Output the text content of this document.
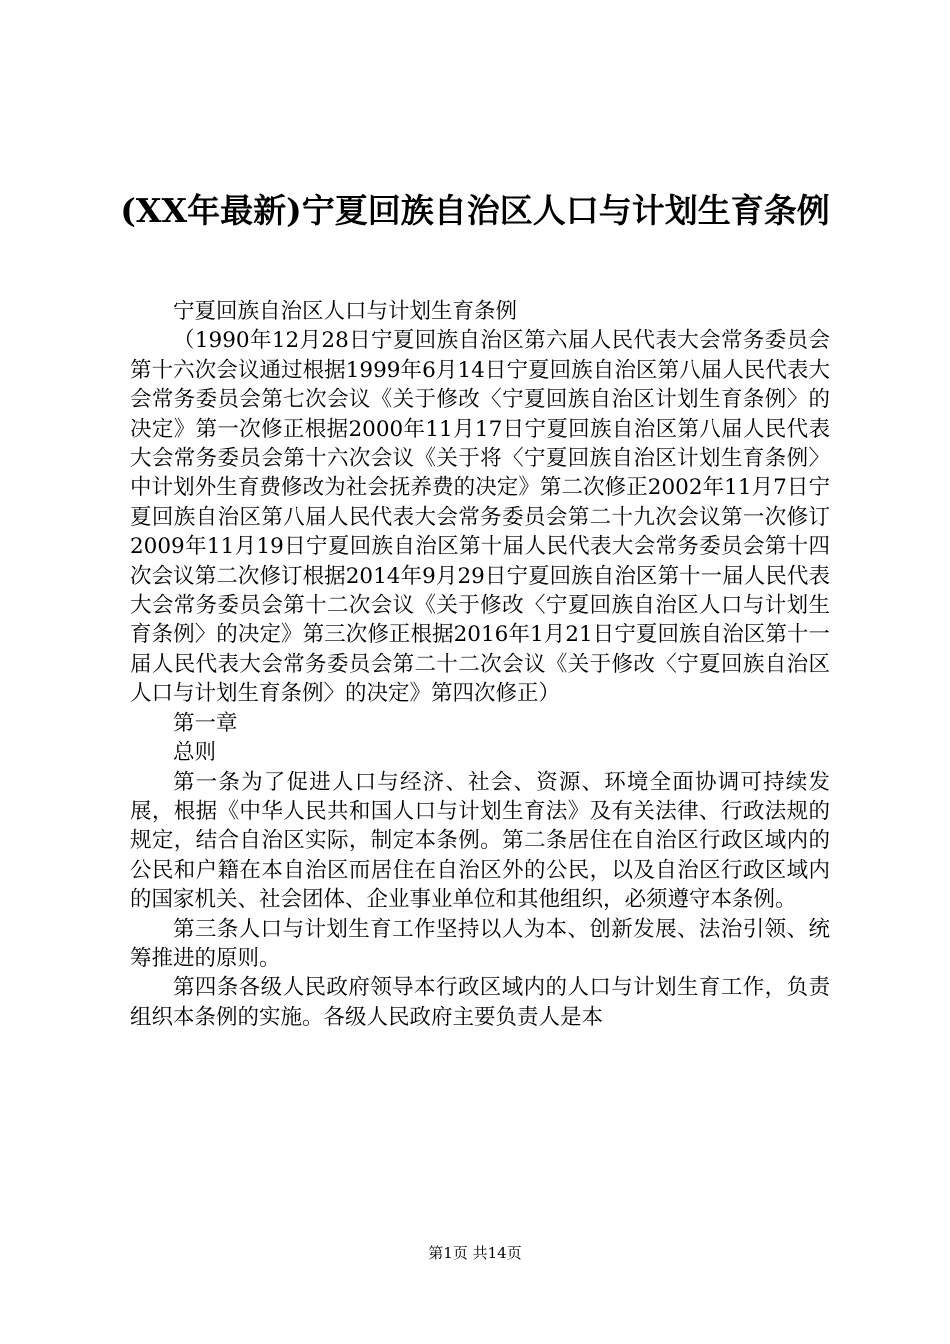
(XX年最新)宁夏回族自治区人口与计划生育条例

宁夏回族自治区人口与计划生育条例

（1990年12月28日宁夏回族自治区第六届人民代表大会常务委员会第十六次会议通过根据1999年6月14日宁夏回族自治区第八届人民代表大会常务委员会第七次会议《关于修改〈宁夏回族自治区计划生育条例〉的决定》第一次修正根据2000年11月17日宁夏回族自治区第八届人民代表大会常务委员会第十六次会议《关于将〈宁夏回族自治区计划生育条例〉中计划外生育费修改为社会抚养费的决定》第二次修正2002年11月7日宁夏回族自治区第八届人民代表大会常务委员会第二十九次会议第一次修订2009年11月19日宁夏回族自治区第十届人民代表大会常务委员会第十四次会议第二次修订根据2014年9月29日宁夏回族自治区第十一届人民代表大会常务委员会第十二次会议《关于修改〈宁夏回族自治区人口与计划生育条例〉的决定》第三次修正根据2016年1月21日宁夏回族自治区第十一届人民代表大会常务委员会第二十二次会议《关于修改〈宁夏回族自治区人口与计划生育条例〉的决定》第四次修正）

第一章

总则

第一条为了促进人口与经济、社会、资源、环境全面协调可持续发展，根据《中华人民共和国人口与计划生育法》及有关法律、行政法规的规定，结合自治区实际，制定本条例。第二条居住在自治区行政区域内的公民和户籍在本自治区而居住在自治区外的公民，以及自治区行政区域内的国家机关、社会团体、企业事业单位和其他组织，必须遵守本条例。

第三条人口与计划生育工作坚持以人为本、创新发展、法治引领、统筹推进的原则。

第四条各级人民政府领导本行政区域内的人口与计划生育工作，负责组织本条例的实施。各级人民政府主要负责人是本

第1页 共14页
